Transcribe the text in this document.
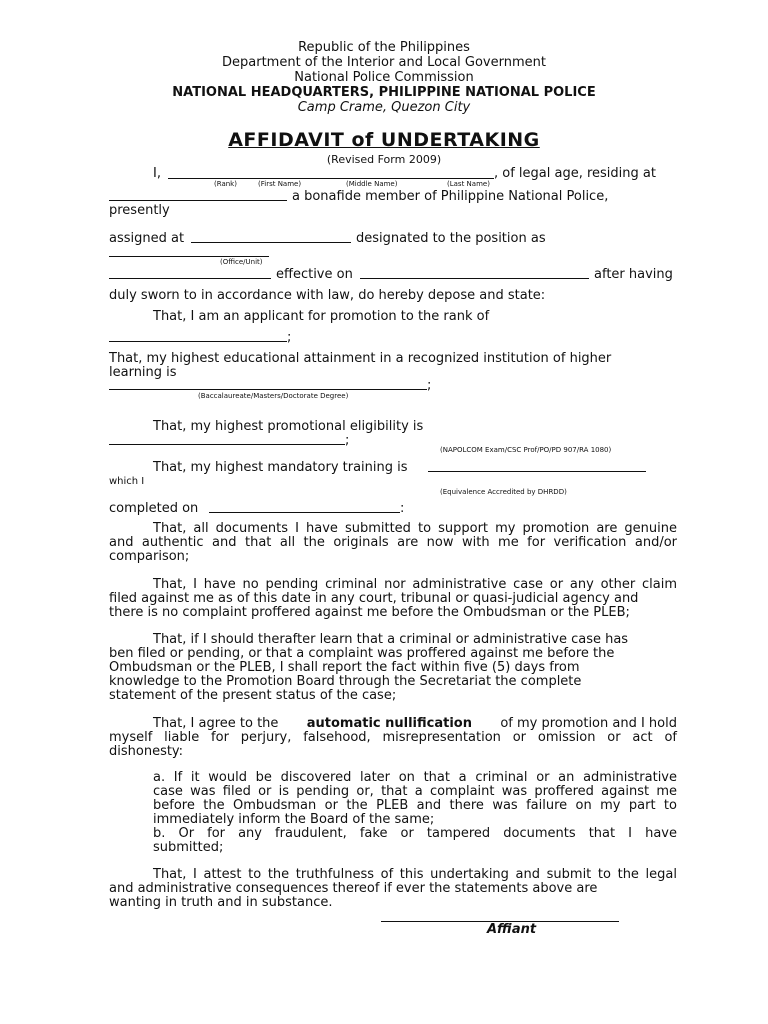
Republic of the Philippines
Department of the Interior and Local Government
National Police Commission
NATIONAL HEADQUARTERS, PHILIPPINE NATIONAL POLICE
Camp Crame, Quezon City
AFFIDAVIT of UNDERTAKING
(Revised Form 2009)
I,	, of legal age, residing at
(Rank)	(First Name)	(Middle Name)	(Last Name)
a bonafide member of Philippine National Police,
presently
assigned at	designated to the position as
(Office/Unit)
effective on	after having
duly sworn to in accordance with law, do hereby depose and state:
That, I am an applicant for promotion to the rank of
;
That, my highest educational attainment in a recognized institution of higher
learning is
;
(Baccalaureate/Masters/Doctorate Degree)
That, my highest promotional eligibility is
;
(NAPOLCOM Exam/CSC Prof/PO/PD 907/RA 1080)
That, my highest mandatory training is
which I
(Equivalence Accredited by DHRDD)
completed on	:
That, all documents I have submitted to support my promotion are genuine
and authentic and that all the originals are now with me for verification and/or
comparison;
That, I have no pending criminal nor administrative case or any other claim
filed against me as of this date in any court, tribunal or quasi-judicial agency and
there is no complaint proffered against me before the Ombudsman or the PLEB;
That, if I should therafter learn that a criminal or administrative case has
ben filed or pending, or that a complaint was proffered against me before the
Ombudsman or the PLEB, I shall report the fact within five (5) days from
knowledge to the Promotion Board through the Secretariat the complete
statement of the present status of the case;
That, I agree to the automatic nullification of my promotion and I hold
myself liable for perjury, falsehood, misrepresentation or omission or act of
dishonesty:
a. If it would be discovered later on that a criminal or an administrative
case was filed or is pending or, that a complaint was proffered against me
before the Ombudsman or the PLEB and there was failure on my part to
immediately inform the Board of the same;
b. Or for any fraudulent, fake or tampered documents that I have
submitted;
That, I attest to the truthfulness of this undertaking and submit to the legal
and administrative consequences thereof if ever the statements above are
wanting in truth and in substance.
Affiant
